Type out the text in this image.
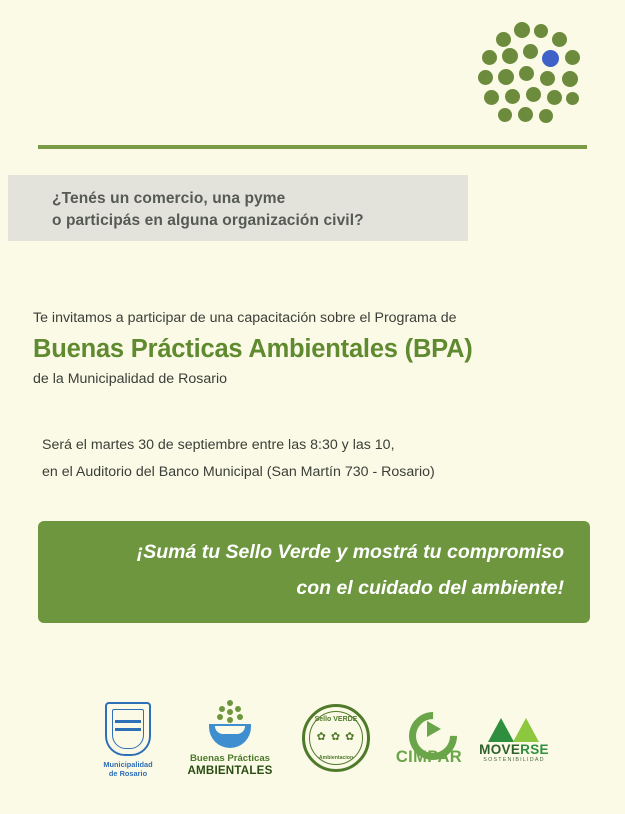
¿Tenés un comercio, una pyme
o participás en alguna organización civil?
Te invitamos a participar de una capacitación sobre el Programa de
Buenas Prácticas Ambientales (BPA)
de la Municipalidad de Rosario
Será el martes 30 de septiembre entre las 8:30 y las 10,
en el Auditorio del Banco Municipal (San Martín 730 - Rosario)
¡Sumá tu Sello Verde y mostrá tu compromiso
con el cuidado del ambiente!
Municipalidad
de Rosario
Buenas Prácticas
AMBIENTALES
Sello VERDE
✿ ✿ ✿
Ambientacion	CIMPAR	MOVERSE
SOSTENIBILIDAD
